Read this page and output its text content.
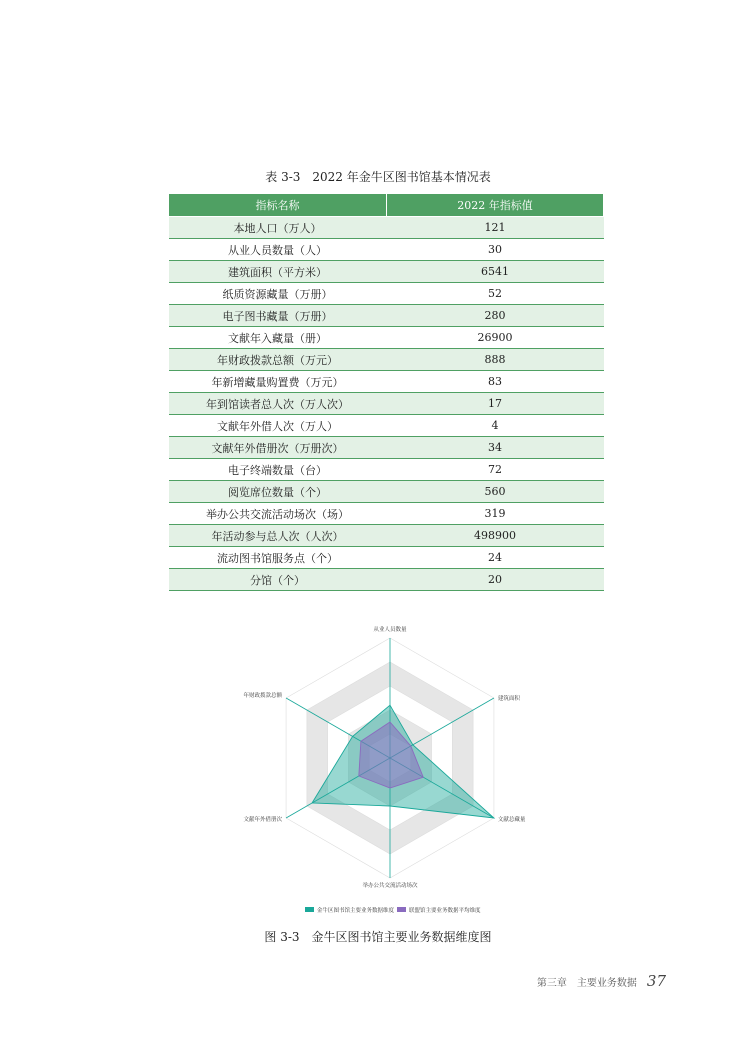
表 3-3　2022 年金牛区图书馆基本情况表
指标名称	2022 年指标值
本地人口（万人）	121
从业人员数量（人）	30
建筑面积（平方米）	6541
纸质资源藏量（万册）	52
电子图书藏量（万册）	280
文献年入藏量（册）	26900
年财政拨款总额（万元）	888
年新增藏量购置费（万元）	83
年到馆读者总人次（万人次）	17
文献年外借人次（万人）	4
文献年外借册次（万册次）	34
电子终端数量（台）	72
阅览席位数量（个）	560
举办公共交流活动场次（场）	319
年活动参与总人次（人次）	498900
流动图书馆服务点（个）	24
分馆（个）	20
从业人员数量
建筑面积
文献总藏量
举办公共交流活动场次
文献年外借册次
年财政拨款总额
金牛区图书馆主要业务数据维度	联盟馆主要业务数据平均维度
图 3-3　金牛区图书馆主要业务数据维度图
第三章　主要业务数据 37
